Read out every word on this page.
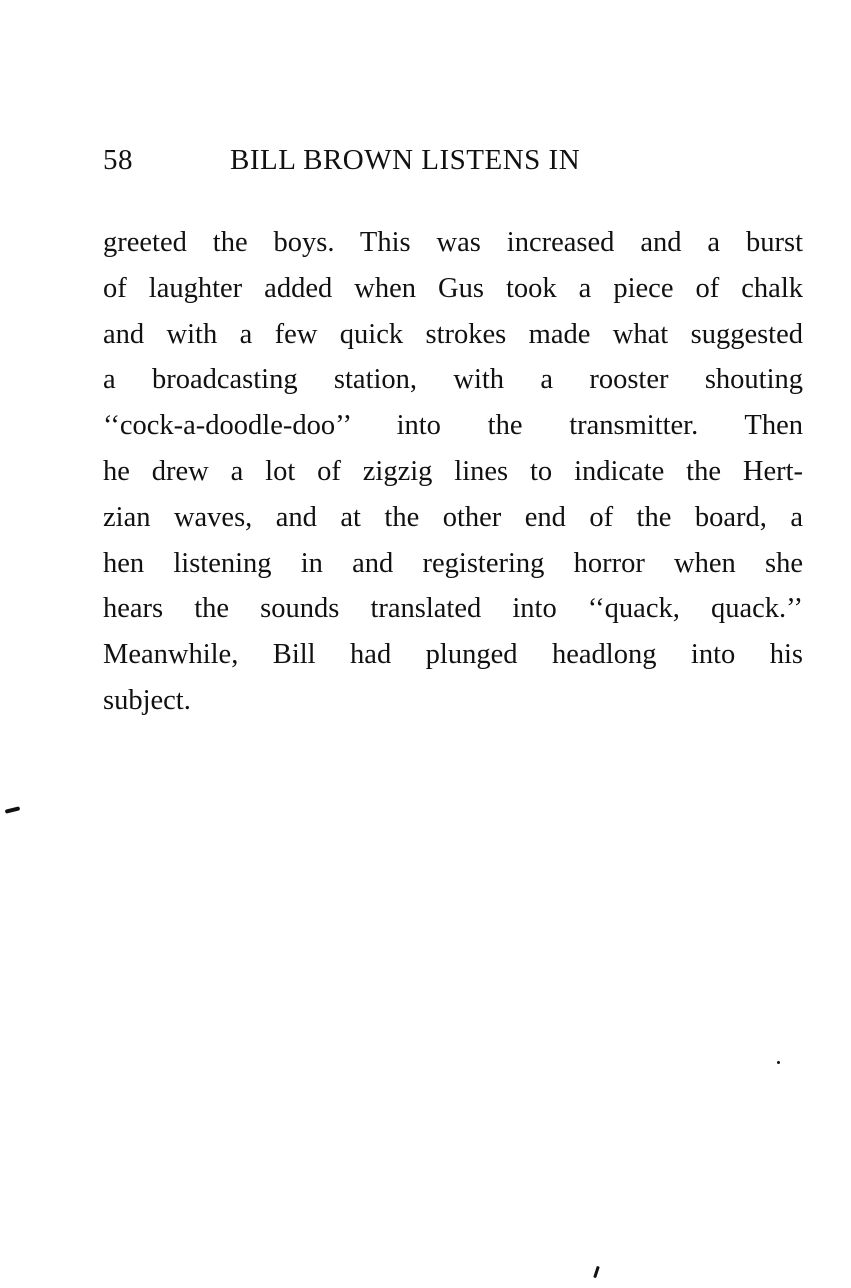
58	BILL BROWN LISTENS IN
greeted the boys. This was increased and a burst
of laughter added when Gus took a piece of chalk
and with a few quick strokes made what suggested
a broadcasting station, with a rooster shouting
‘‘cock-a-doodle-doo’’ into the transmitter. Then
he drew a lot of zigzig lines to indicate the Hert-
zian waves, and at the other end of the board, a
hen listening in and registering horror when she
hears the sounds translated into ‘‘quack, quack.’’
Meanwhile, Bill had plunged headlong into his
subject.
